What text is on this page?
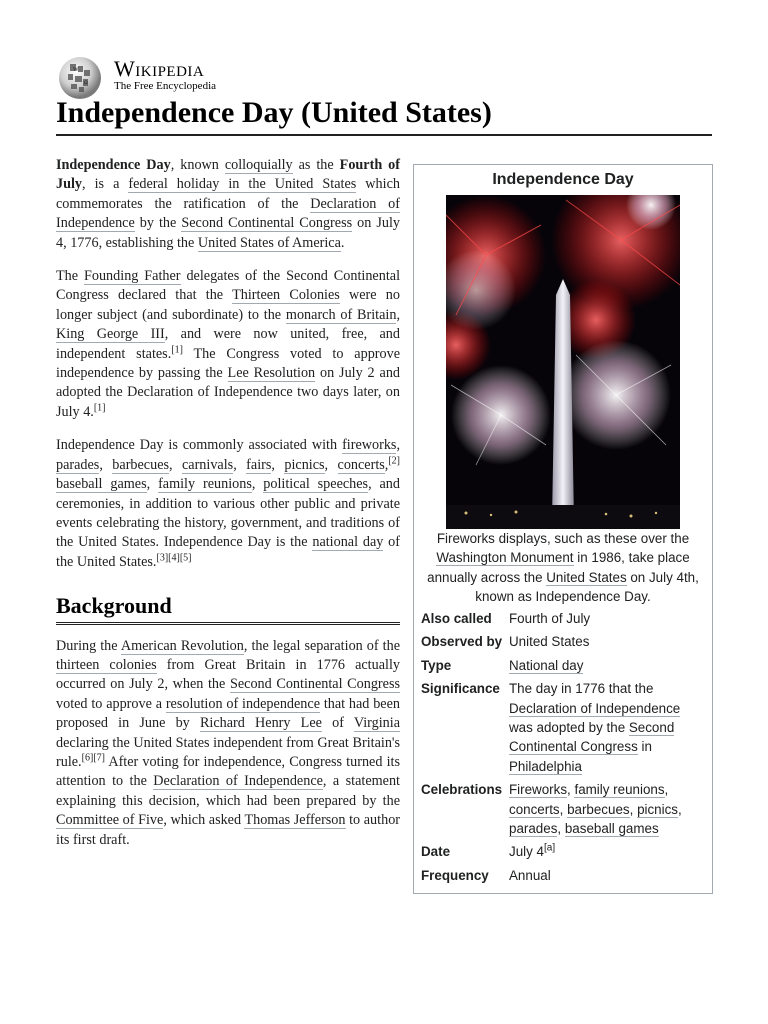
W
Ω
Wikipedia
The Free Encyclopedia
Independence Day (United States)

Independence Day, known colloquially as the Fourth of July, is a federal holiday in the United States which commemorates the ratification of the Declaration of Independence by the Second Continental Congress on July 4, 1776, establishing the United States of America.

The Founding Father delegates of the Second Continental Congress declared that the Thirteen Colonies were no longer subject (and subordinate) to the monarch of Britain, King George III, and were now united, free, and independent states.[1] The Congress voted to approve independence by passing the Lee Resolution on July 2 and adopted the Declaration of Independence two days later, on July 4.[1]

Independence Day is commonly associated with fireworks, parades, barbecues, carnivals, fairs, picnics, concerts,[2] baseball games, family reunions, political speeches, and ceremonies, in addition to various other public and private events celebrating the history, government, and traditions of the United States. Independence Day is the national day of the United States.[3][4][5]

Background

During the American Revolution, the legal separation of the thirteen colonies from Great Britain in 1776 actually occurred on July 2, when the Second Continental Congress voted to approve a resolution of independence that had been proposed in June by Richard Henry Lee of Virginia declaring the United States independent from Great Britain's rule.[6][7] After voting for independence, Congress turned its attention to the Declaration of Independence, a statement explaining this decision, which had been prepared by the Committee of Five, which asked Thomas Jefferson to author its first draft.

Independence Day
Fireworks displays, such as these over the Washington Monument in 1986, take place annually across the United States on July 4th, known as Independence Day.
Also called	Fourth of July
Observed by United States
Type	National day
Significance The day in 1776 that the Declaration of Independence was adopted by the Second Continental Congress in Philadelphia
Celebrations Fireworks, family reunions, concerts, barbecues, picnics, parades, baseball games
Date	July 4[a]
Frequency	Annual
